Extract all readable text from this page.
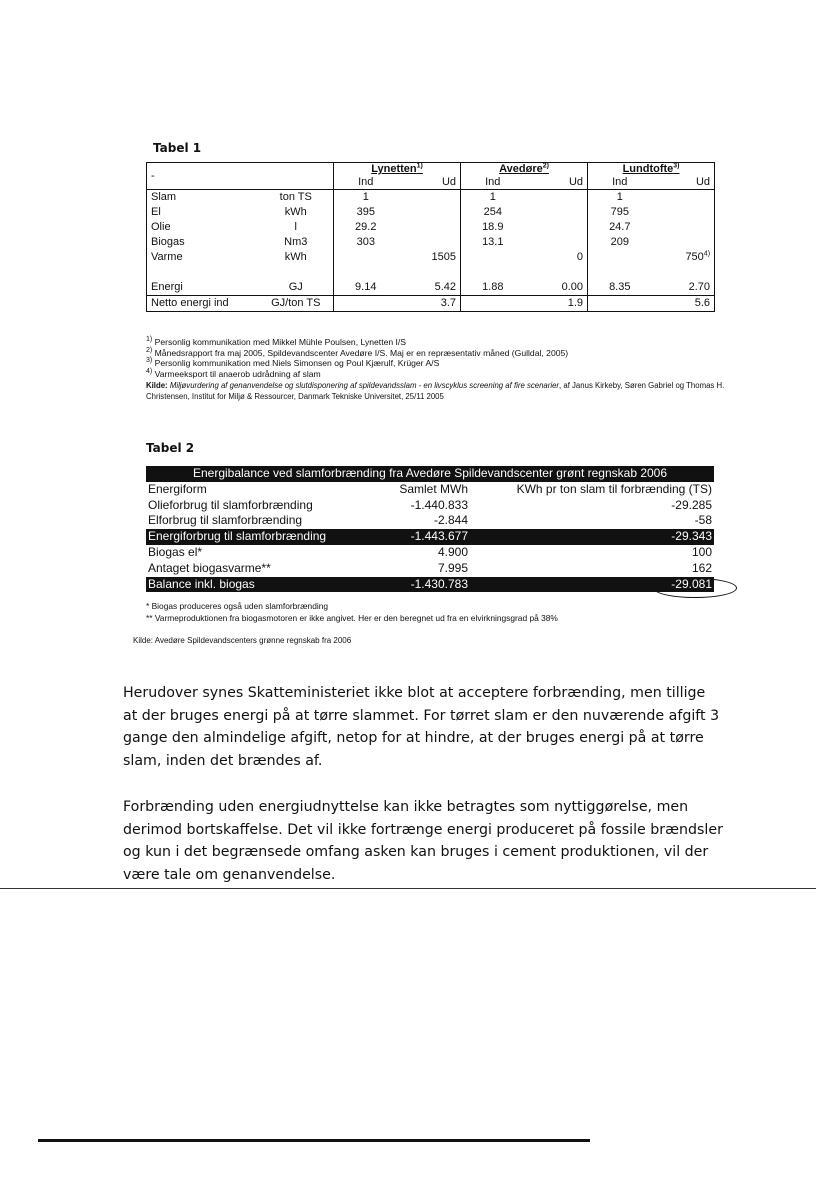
Tabel 1
-		Lynetten$^{1)}$		Avedøre$^{2)}$		Lundtofte$^{3)}$
		Ind	Ud	Ind	Ud	Ind	Ud
Slam	ton TS	1		1		1	
El	kWh	395		254		795	
Olie	l	29.2		18.9		24.7	
Biogas	Nm3	303		13.1		209	
Varme	kWh		1505		0		750$^{4)}$

Energi	GJ	9.14	5.42	1.88	0.00	8.35	2.70
Netto energi ind	GJ/ton TS		3.7		1.9		5.6
$^{1)}$ Personlig kommunikation med Mikkel Mühle Poulsen, Lynetten I/S
$^{2)}$ Månedsrapport fra maj 2005, Spildevandscenter Avedøre I/S. Maj er en repræsentativ måned (Gulldal, 2005)
$^{3)}$ Personlig kommunikation med Niels Simonsen og Poul Kjærulf, Krüger A/S
$^{4)}$ Varmeeksport til anaerob udrådning af slam
Kilde: Miljøvurdering af genanvendelse og slutdisponering af spildevandsslam - en livscyklus screening af fire scenarier, af Janus Kirkeby, Søren Gabriel og Thomas H. Christensen, Institut for Miljø & Ressourcer, Danmark Tekniske Universitet, 25/11 2005
Tabel 2
Energibalance ved slamforbrænding fra Avedøre Spildevandscenter grønt regnskab 2006
Energiform	Samlet MWh	KWh pr ton slam til forbrænding (TS)
Olieforbrug til slamforbrænding	-1.440.833	-29.285
Elforbrug til slamforbrænding	-2.844	-58
Energiforbrug til slamforbrænding	-1.443.677	-29.343
Biogas el*	4.900	100
Antaget biogasvarme**	7.995	162
Balance inkl. biogas	-1.430.783	-29.081
* Biogas produceres også uden slamforbrænding
** Varmeproduktionen fra biogasmotoren er ikke angivet. Her er den beregnet ud fra en elvirkningsgrad på 38%
Kilde: Avedøre Spildevandscenters grønne regnskab fra 2006
Herudover synes Skatteministeriet ikke blot at acceptere forbrænding, men tillige at der bruges energi på at tørre slammet. For tørret slam er den nuværende afgift 3 gange den almindelige afgift, netop for at hindre, at der bruges energi på at tørre slam, inden det brændes af.
Forbrænding uden energiudnyttelse kan ikke betragtes som nyttiggørelse, men derimod bortskaffelse. Det vil ikke fortrænge energi produceret på fossile brændsler og kun i det begrænsede omfang asken kan bruges i cement produktionen, vil der være tale om genanvendelse.
